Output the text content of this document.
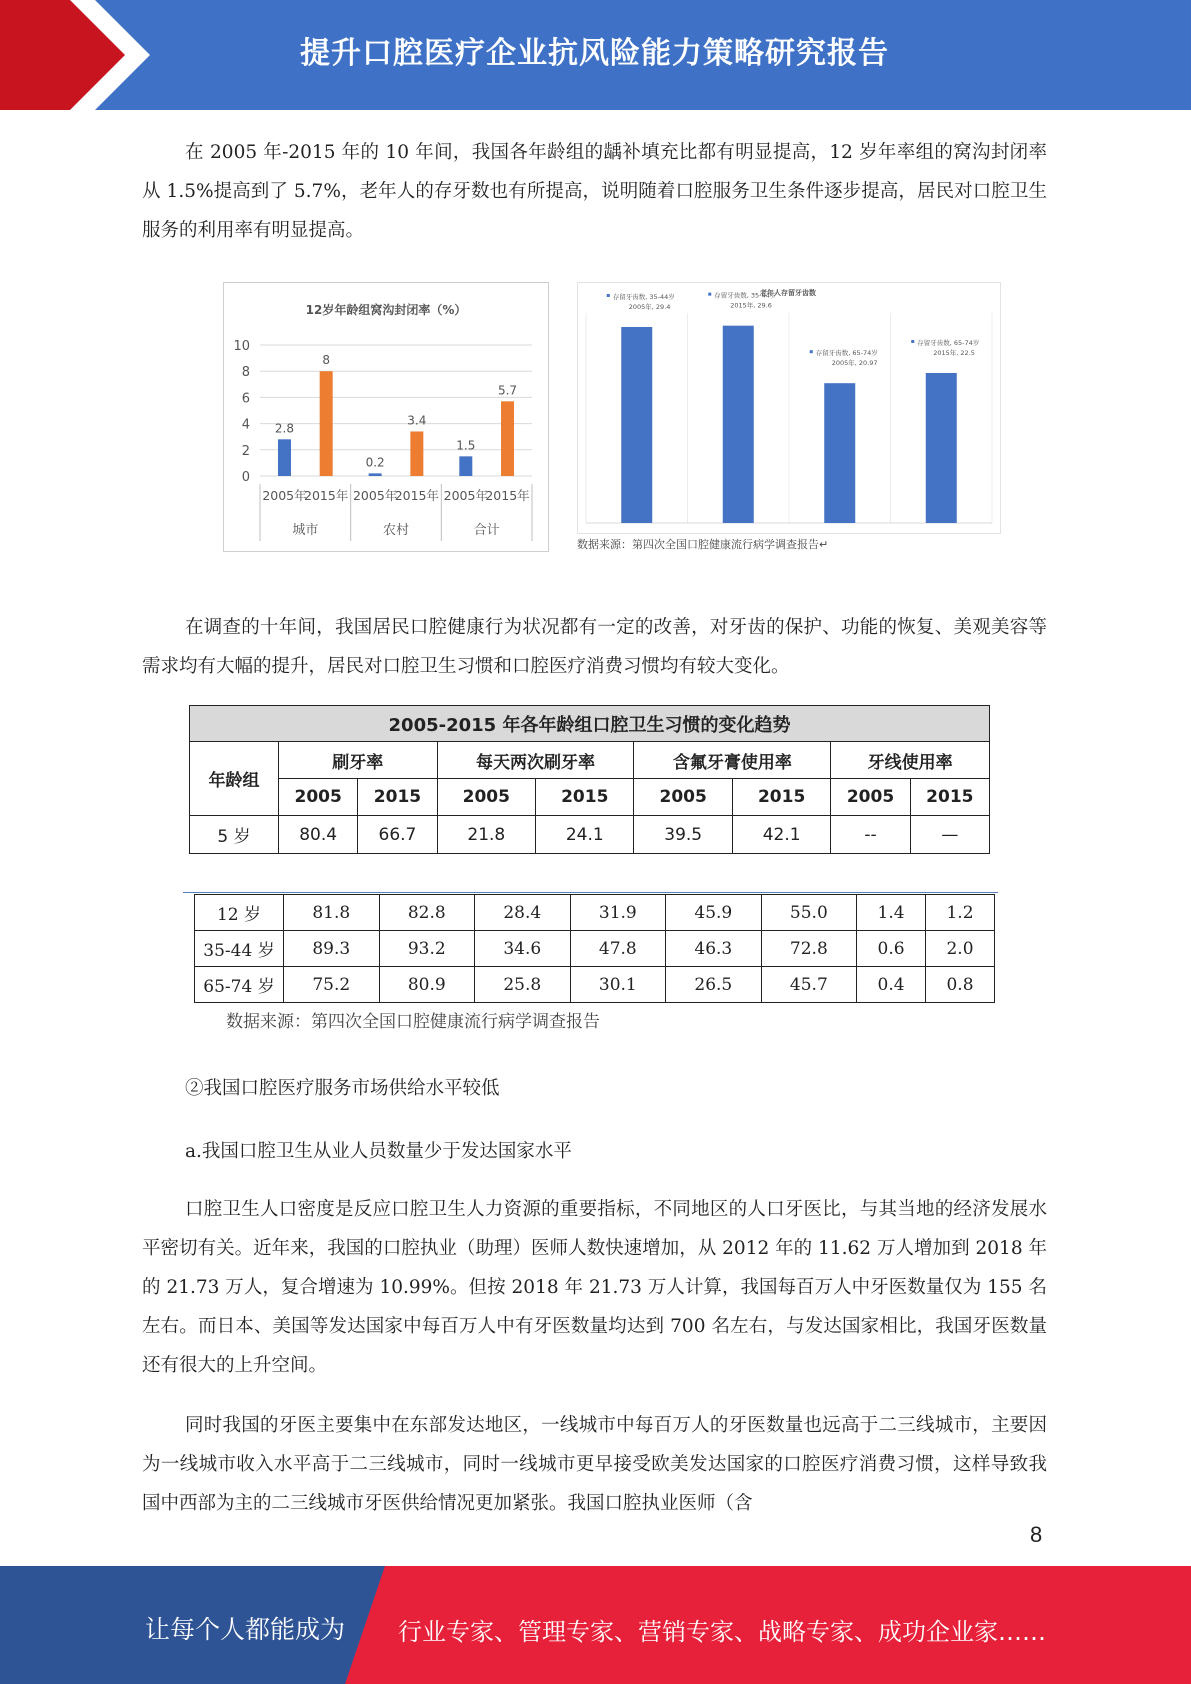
提升口腔医疗企业抗风险能力策略研究报告

在 2005 年-2015 年的 10 年间，我国各年龄组的龋补填充比都有明显提高，12 岁年率组的窝沟封闭率从 1.5%提高到了 5.7%，老年人的存牙数也有所提高，说明随着口腔服务卫生条件逐步提高，居民对口腔卫生服务的利用率有明显提高。

12岁年龄组窝沟封闭率（%）
10
8
6
4
2
0
2.8
2005年
8
2015年
城市
0.2
2005年
3.4
2015年
农村
1.5
2005年
5.7
2015年
合计
老年人存留牙齿数
存留牙齿数, 35-44岁
2005年, 29.4
存留牙齿数, 35-44岁
2015年, 29.6
存留牙齿数, 65-74岁
2005年, 20.97
存留牙齿数, 65-74岁
2015年, 22.5
数据来源：第四次全国口腔健康流行病学调查报告↵

在调查的十年间，我国居民口腔健康行为状况都有一定的改善，对牙齿的保护、功能的恢复、美观美容等需求均有大幅的提升，居民对口腔卫生习惯和口腔医疗消费习惯均有较大变化。

2005-2015 年各年龄组口腔卫生习惯的变化趋势								
年龄组	刷牙率		每天两次刷牙率		含氟牙膏使用率		牙线使用率	
	2005	2015	2005	2015	2005	2015	2005	2015
5 岁	80.4	66.7	21.8	24.1	39.5	42.1	--	—
12 岁	81.8	82.8	28.4	31.9	45.9	55.0	1.4	1.2
35-44 岁	89.3	93.2	34.6	47.8	46.3	72.8	0.6	2.0
65-74 岁	75.2	80.9	25.8	30.1	26.5	45.7	0.4	0.8
数据来源：第四次全国口腔健康流行病学调查报告

②我国口腔医疗服务市场供给水平较低

a.我国口腔卫生从业人员数量少于发达国家水平

口腔卫生人口密度是反应口腔卫生人力资源的重要指标，不同地区的人口牙医比，与其当地的经济发展水平密切有关。近年来，我国的口腔执业（助理）医师人数快速增加，从 2012 年的 11.62 万人增加到 2018 年的 21.73 万人，复合增速为 10.99%。但按 2018 年 21.73 万人计算，我国每百万人中牙医数量仅为 155 名左右。而日本、美国等发达国家中每百万人中有牙医数量均达到 700 名左右，与发达国家相比，我国牙医数量还有很大的上升空间。

同时我国的牙医主要集中在东部发达地区，一线城市中每百万人的牙医数量也远高于二三线城市，主要因为一线城市收入水平高于二三线城市，同时一线城市更早接受欧美发达国家的口腔医疗消费习惯，这样导致我国中西部为主的二三线城市牙医供给情况更加紧张。我国口腔执业医师（含

8
让每个人都能成为 行业专家、管理专家、营销专家、战略专家、成功企业家……
